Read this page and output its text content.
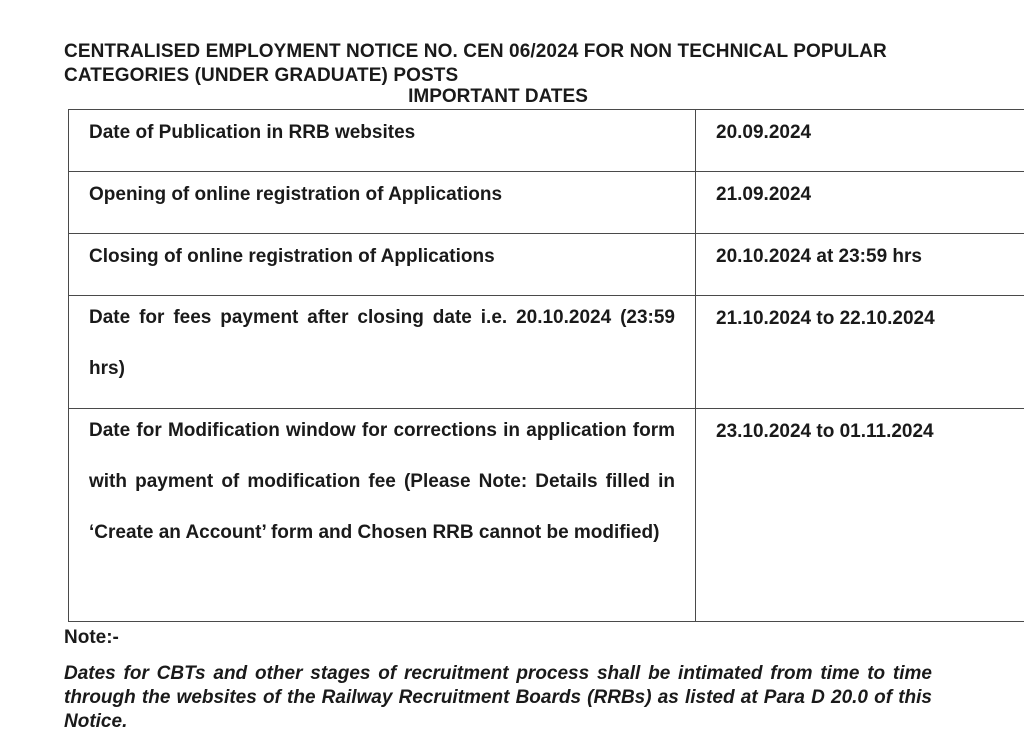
CENTRALISED EMPLOYMENT NOTICE NO. CEN 06/2024 FOR NON TECHNICAL POPULAR CATEGORIES (UNDER GRADUATE) POSTS

IMPORTANT DATES

Date of Publication in RRB websites	20.09.2024

Opening of online registration of Applications	21.09.2024

Closing of online registration of Applications	20.10.2024 at 23:59 hrs

Date for fees payment after closing date i.e. 20.10.2024 (23:59 hrs)	21.10.2024 to 22.10.2024

Date for Modification window for corrections in application form with payment of modification fee (Please Note: Details filled in ‘Create an Account’ form and Chosen RRB cannot be modified)	23.10.2024 to 01.11.2024

Note:-

Dates for CBTs and other stages of recruitment process shall be intimated from time to time through the websites of the Railway Recruitment Boards (RRBs) as listed at Para D 20.0 of this Notice.
